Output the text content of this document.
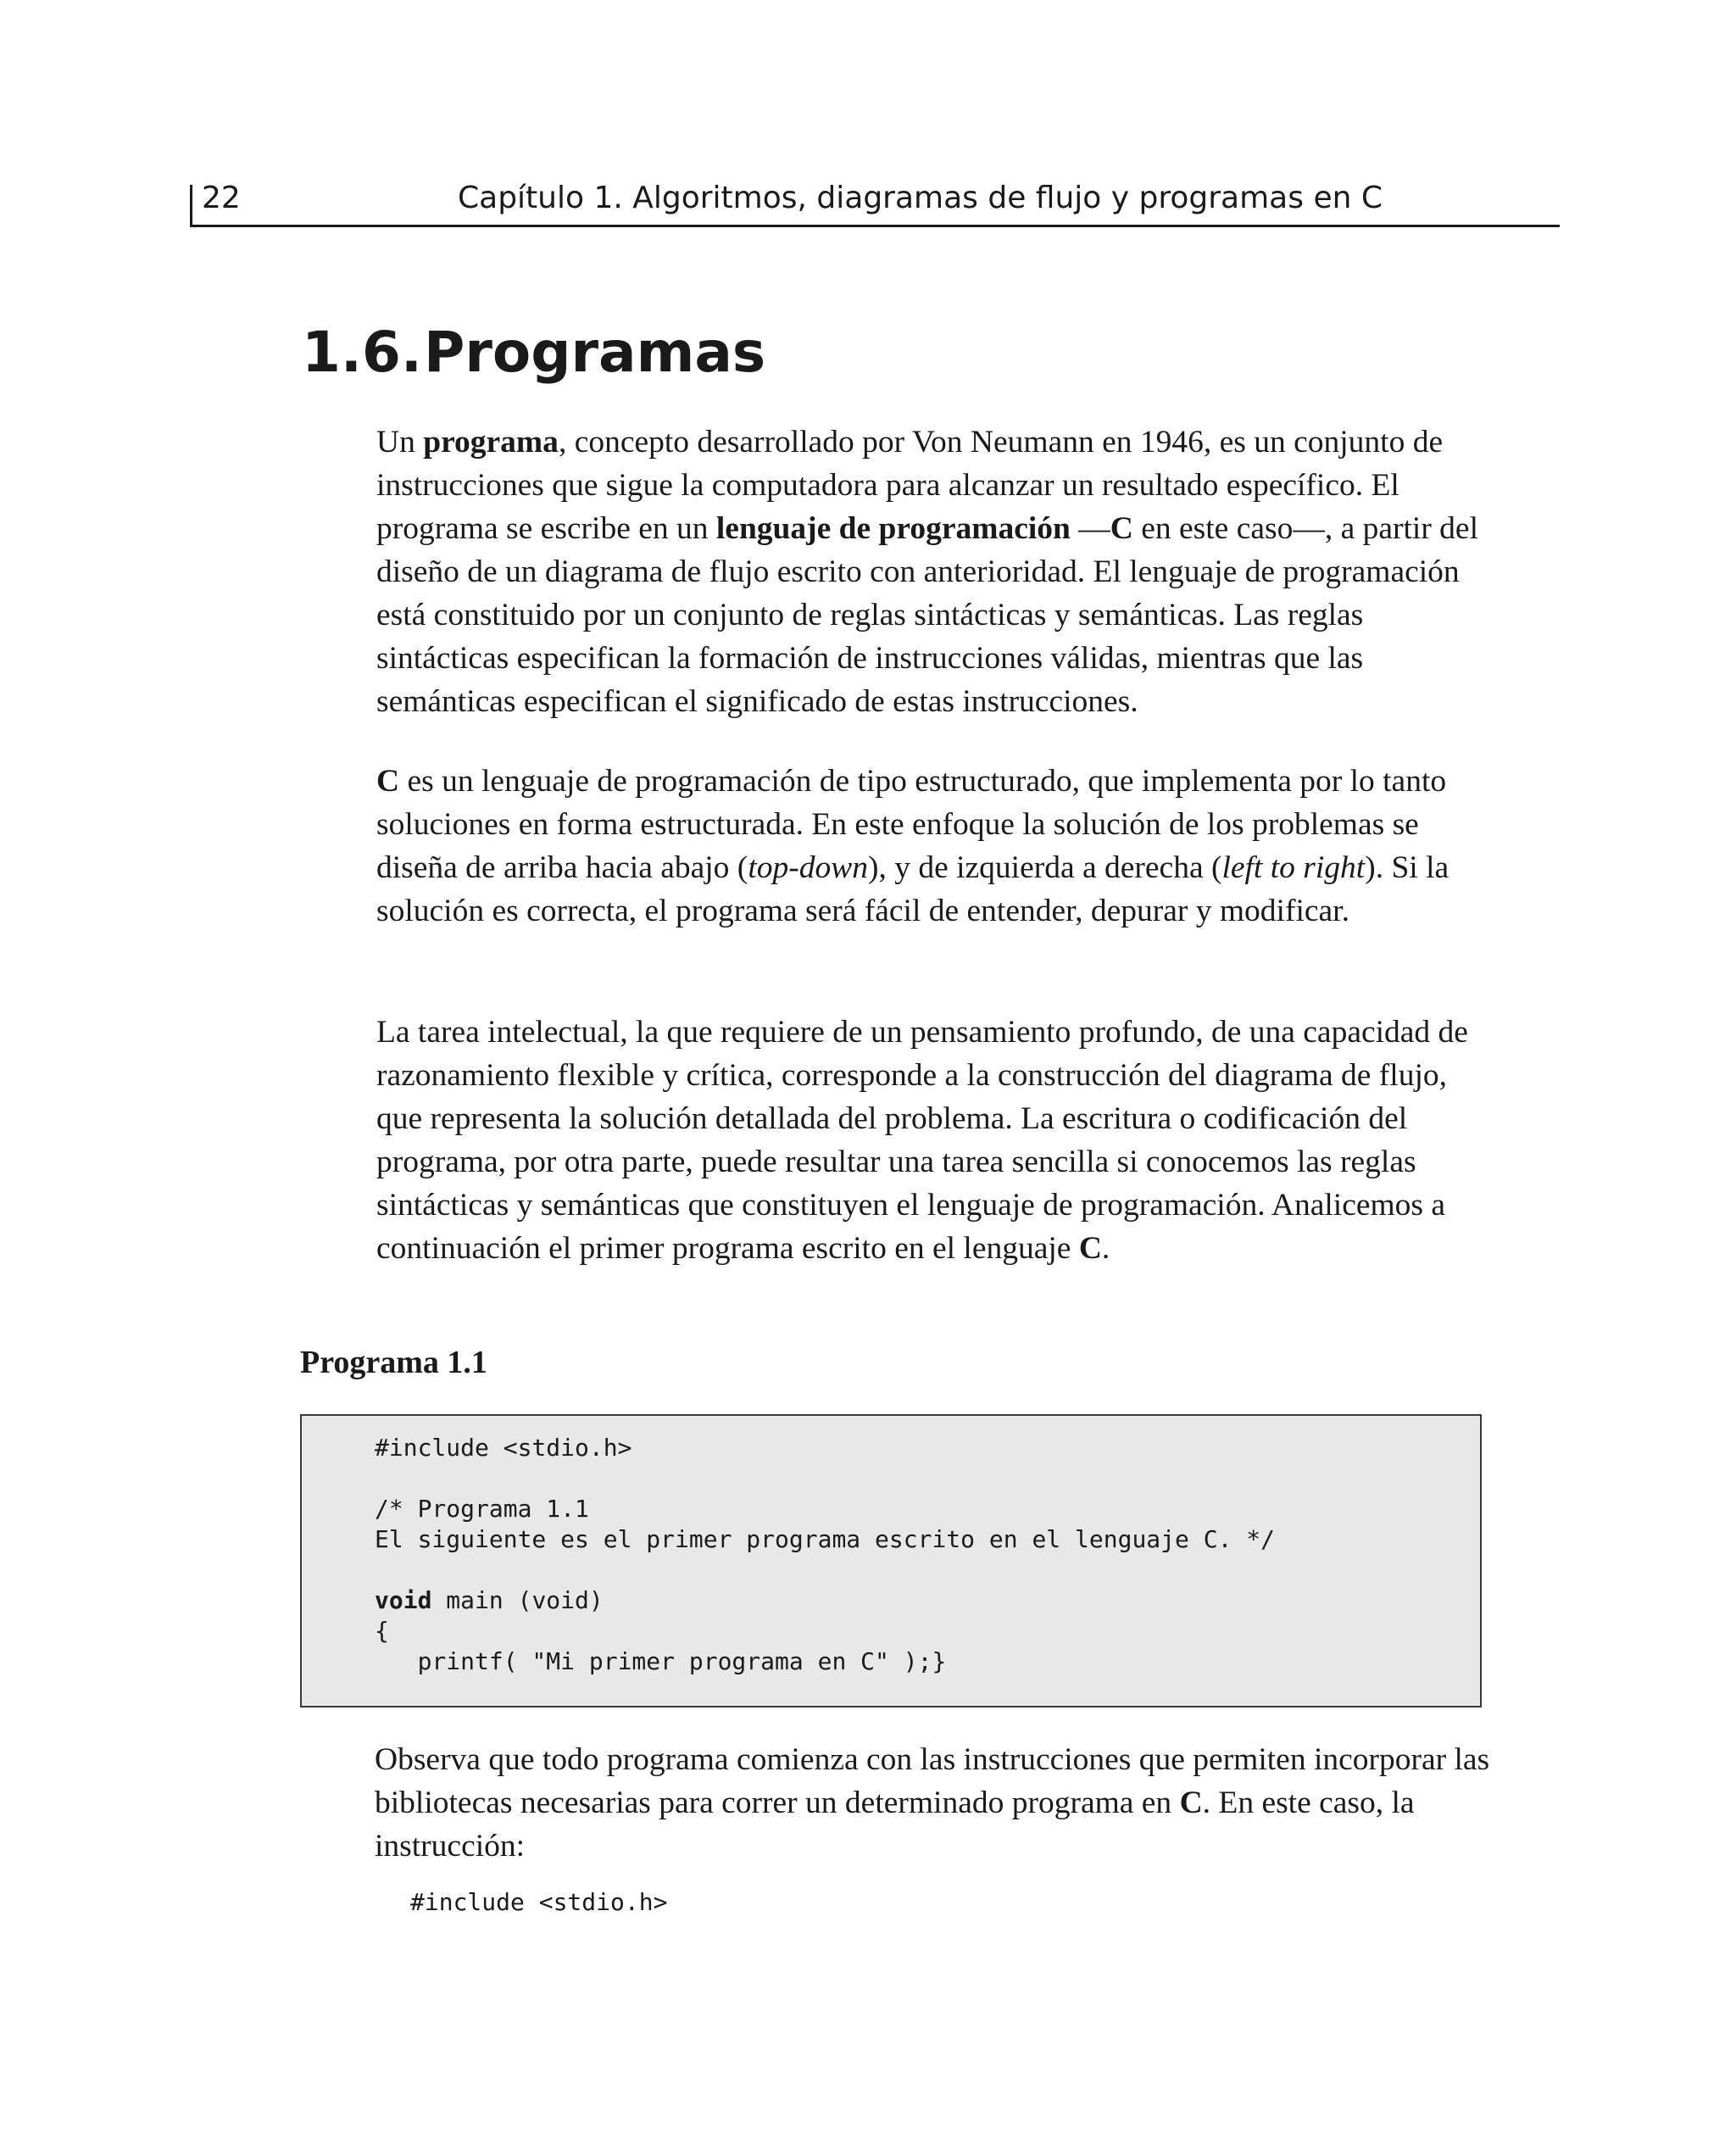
22	Capítulo 1. Algoritmos, diagramas de flujo y programas en C
1.6.Programas

Un programa, concepto desarrollado por Von Neumann en 1946, es un conjunto de instrucciones que sigue la computadora para alcanzar un resultado específico. El programa se escribe en un lenguaje de programación —C en este caso—, a partir del diseño de un diagrama de flujo escrito con anterioridad. El lenguaje de programación está constituido por un conjunto de reglas sintácticas y semánticas. Las reglas sintácticas especifican la formación de instrucciones válidas, mientras que las semánticas especifican el significado de estas instrucciones.

C es un lenguaje de programación de tipo estructurado, que implementa por lo tanto soluciones en forma estructurada. En este enfoque la solución de los problemas se diseña de arriba hacia abajo (top-down), y de izquierda a derecha (left to right). Si la solución es correcta, el programa será fácil de entender, depurar y modificar.

La tarea intelectual, la que requiere de un pensamiento profundo, de una capacidad de razonamiento flexible y crítica, corresponde a la construcción del diagrama de flujo, que representa la solución detallada del problema. La escritura o codificación del programa, por otra parte, puede resultar una tarea sencilla si conocemos las reglas sintácticas y semánticas que constituyen el lenguaje de programación. Analicemos a continuación el primer programa escrito en el lenguaje C.

Programa 1.1
#include <stdio.h>
/* Programa 1.1
El siguiente es el primer programa escrito en el lenguaje C. */
void main (void)
{
printf( "Mi primer programa en C" );}

Observa que todo programa comienza con las instrucciones que permiten incorporar las bibliotecas necesarias para correr un determinado programa en C. En este caso, la instrucción:

#include <stdio.h>
